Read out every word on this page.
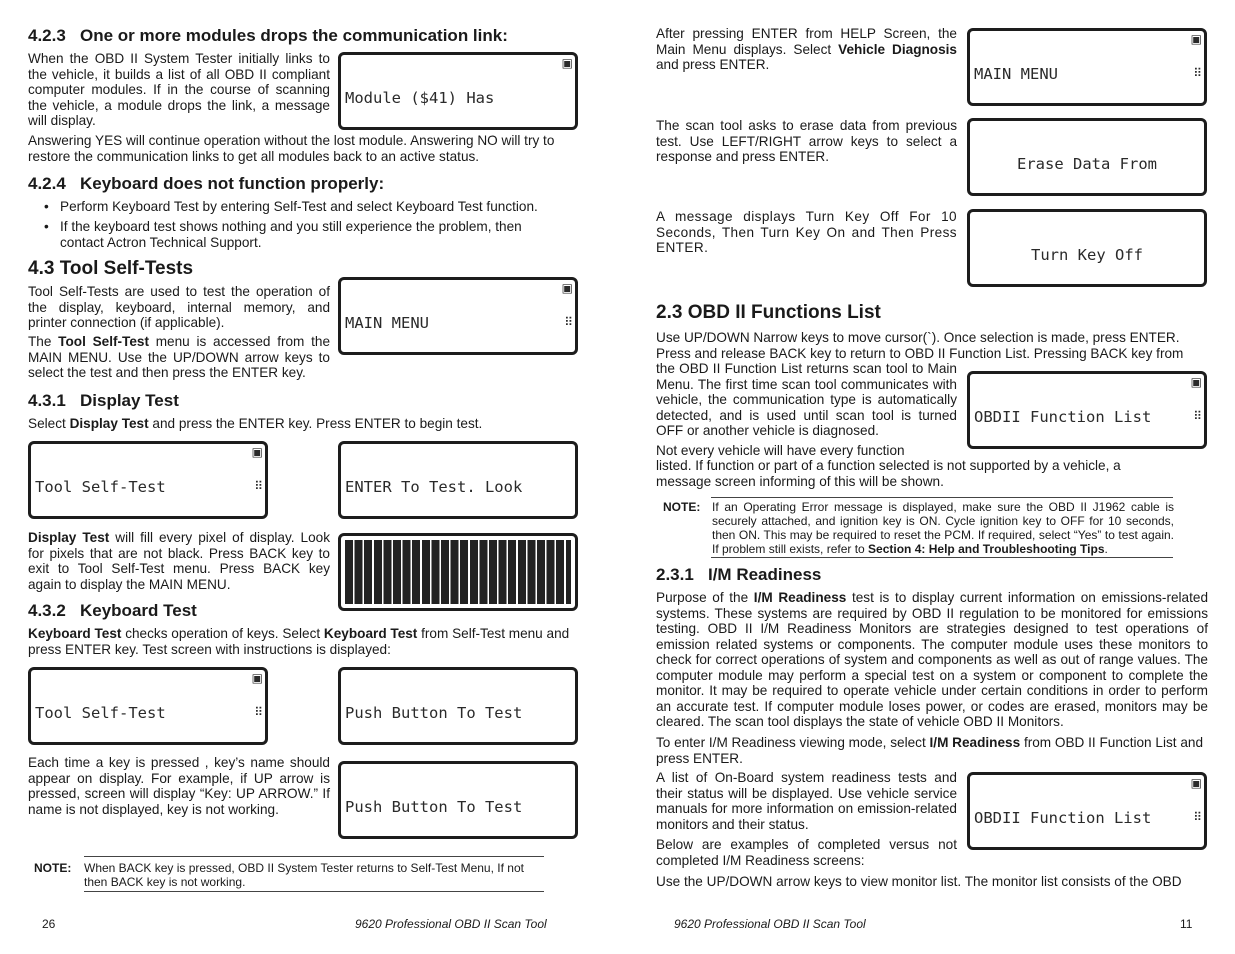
4.2.3 One or more modules drops the communication link:
When the OBD II System Tester initially links to the vehicle, it builds a list of all OBD II compliant computer modules. If in the course of scanning the vehicle, a module drops the link, a message will display.

Module ($41) Has
▣

Answering YES will continue operation without the lost module. Answering NO will try to restore the communication links to get all modules back to an active status.
4.2.4 Keyboard does not function properly:
• Perform Keyboard Test by entering Self-Test and select Keyboard Test function.
• If the keyboard test shows nothing and you still experience the problem, then contact Actron Technical Support.
4.3 Tool Self-Tests
Tool Self-Tests are used to test the operation of the display, keyboard, internal memory, and printer connection (if applicable).
The Tool Self-Test menu is accessed from the MAIN MENU. Use the UP/DOWN arrow keys to select the test and then press the ENTER key.

MAIN MENU
▣

⠿

4.3.1 Display Test
Select Display Test and press the ENTER key. Press ENTER to begin test.

Tool Self-Test
▣

⠿

	ENTER To Test. Look

Display Test will fill every pixel of display. Look for pixels that are not black. Press BACK key to exit to Tool Self-Test menu. Press BACK key again to display the MAIN MENU.

4.3.2 Keyboard Test
Keyboard Test checks operation of keys. Select Keyboard Test from Self-Test menu and press ENTER key. Test screen with instructions is displayed:

Tool Self-Test
▣

⠿

	Push Button To Test

Each time a key is pressed , key’s name should appear on display. For example, if UP arrow is pressed, screen will display “Key: UP ARROW.” If name is not displayed, key is not working.

	Push Button To Test

NOTE: When BACK key is pressed, OBD II System Tester returns to Self-Test Menu, If not then BACK key is not working.
26	9620 Professional OBD II Scan Tool
After pressing ENTER from HELP Screen, the Main Menu displays. Select Vehicle Diagnosis and press ENTER.

MAIN MENU
▣

⠿

The scan tool asks to erase data from previous test. Use LEFT/RIGHT arrow keys to select a response and press ENTER.

	Erase Data From

A message displays Turn Key Off For 10 Seconds, Then Turn Key On and Then Press ENTER.

	Turn Key Off

2.3 OBD II Functions List
Use UP/DOWN Narrow keys to move cursor(`). Once selection is made, press ENTER. Press and release BACK key to return to OBD II Function List. Pressing BACK key from
the OBD II Function List returns scan tool to Main Menu. The first time scan tool communicates with vehicle, the communication type is automatically detected, and is used until scan tool is turned OFF or another vehicle is diagnosed.

OBDII Function List
▣

⠿

Not every vehicle will have every function
listed. If function or part of a function selected is not supported by a vehicle, a message screen informing of this will be shown.
NOTE: If an Operating Error message is displayed, make sure the OBD II J1962 cable is securely attached, and ignition key is ON. Cycle ignition key to OFF for 10 seconds, then ON. This may be required to reset the PCM. If required, select “Yes” to test again. If problem still exists, refer to Section 4: Help and Troubleshooting Tips.
2.3.1 I/M Readiness
Purpose of the I/M Readiness test is to display current information on emissions-related systems. These systems are required by OBD II regulation to be monitored for emissions testing. OBD II I/M Readiness Monitors are strategies designed to test operations of emission related systems or components. The computer module uses these monitors to check for correct operations of system and components as well as out of range values. The computer module may perform a special test on a system or component to complete the monitor. It may be required to operate vehicle under certain conditions in order to perform an accurate test. If computer module loses power, or codes are erased, monitors may be cleared. The scan tool displays the state of vehicle OBD II Monitors.
To enter I/M Readiness viewing mode, select I/M Readiness from OBD II Function List and press ENTER.
A list of On-Board system readiness tests and their status will be displayed. Use vehicle service manuals for more information on emission-related monitors and their status.

	OBDII Function List
▣

⠿

Below are examples of completed versus not completed I/M Readiness screens:
Use the UP/DOWN arrow keys to view monitor list. The monitor list consists of the OBD
9620 Professional OBD II Scan Tool	11
